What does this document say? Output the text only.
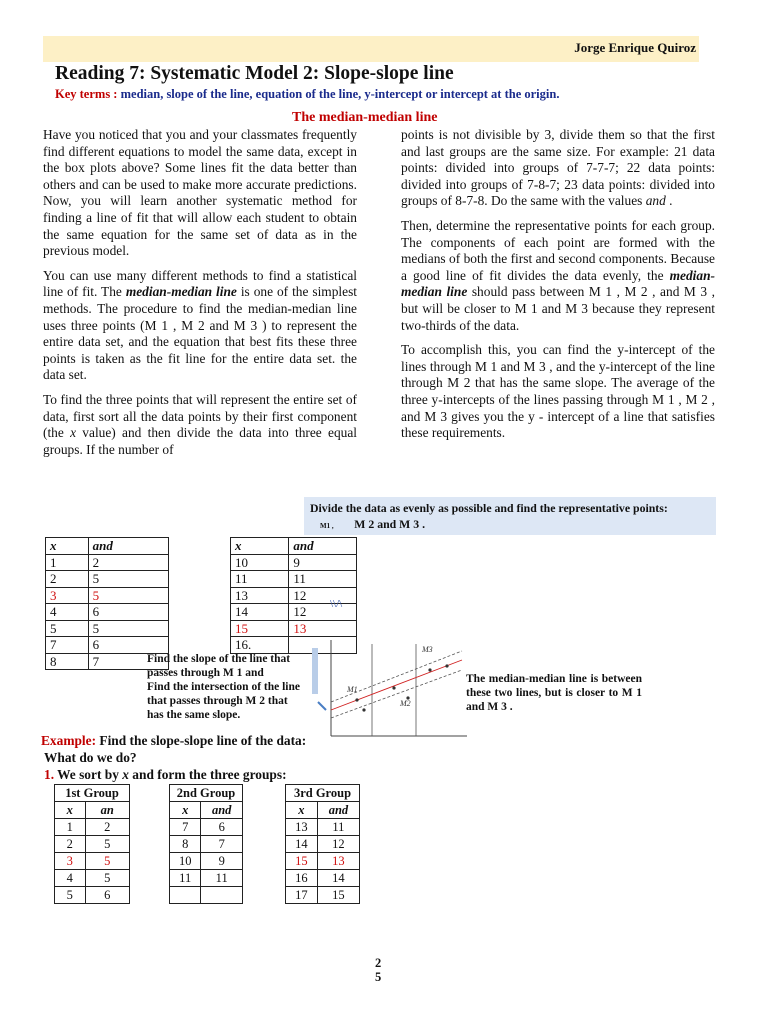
Jorge Enrique Quiroz
Reading 7: Systematic Model 2: Slope-slope line
Key terms : median, slope of the line, equation of the line, y-intercept or intercept at the origin.
The median-median line

Have you noticed that you and your classmates frequently find different equations to model the same data, except in the box plots above? Some lines fit the data better than others and can be used to make more accurate predictions. Now, you will learn another systematic method for finding a line of fit that will allow each student to obtain the same equation for the same set of data as in the previous model.

You can use many different methods to find a statistical line of fit. The median-median line is one of the simplest methods. The procedure to find the median-median line uses three points (M 1 , M 2 and M 3 ) to represent the entire data set, and the equation that best fits these three points is taken as the fit line for the entire data set. the data set.

To find the three points that will represent the entire set of data, first sort all the data points by their first component (the x value) and then divide the data into three equal groups. If the number of

points is not divisible by 3, divide them so that the first and last groups are the same size. For example: 21 data points: divided into groups of 7-7-7; 22 data points: divided into groups of 7-8-7; 23 data points: divided into groups of 8-7-8. Do the same with the values and .

Then, determine the representative points for each group. The components of each point are formed with the medians of both the first and second components. Because a good line of fit divides the data evenly, the median-median line should pass between M 1 , M 2 , and M 3 , but will be closer to M 1 and M 3 because they represent two-thirds of the data.

To accomplish this, you can find the y-intercept of the lines through M 1 and M 3 , and the y-intercept of the line through M 2 that has the same slope. The average of the three y-intercepts of the lines passing through M 1 , M 2 , and M 3 gives you the y - intercept of a line that satisfies these requirements.

Divide the data as evenly as possible and find the representative points:
M1 , M 2 and M 3 .
x	and
1	2
2	5
3	5
4	6
5	5
7	6
8	7
x	and
10	9
11	11
13	12
14	12
15	13
16.	
\\/\
Find the slope of the line that passes through M 1 and
Find the intersection of the line that passes through M 2 that has the same slope.
M1
M2
M3
The median-median line is between these two lines, but is closer to M 1 and M 3 .
Example: Find the slope-slope line of the data:
What do we do?
1. We sort by x and form the three groups:
1st Group	
x	an
1	2
2	5
3	5
4	5
5	6
2nd Group	
x	and
7	6
8	7
10	9
11	11

3rd Group	
x	and
13	11
14	12
15	13
16	14
17	15
2
5
